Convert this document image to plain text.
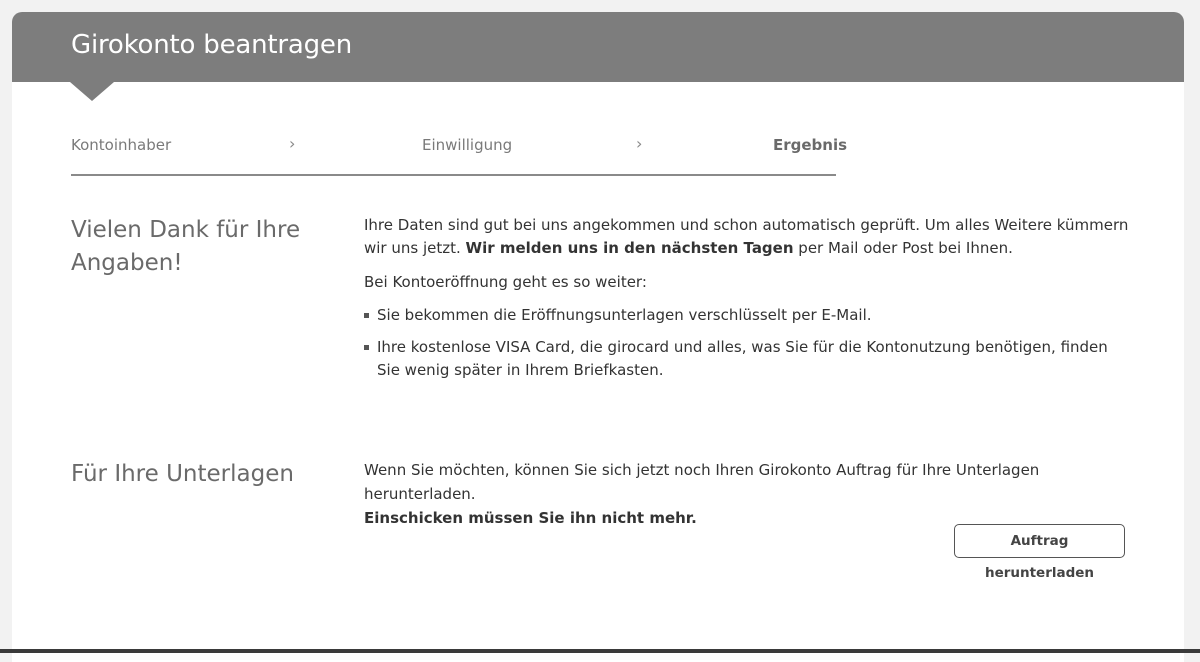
Girokonto beantragen
Kontoinhaber	›	Einwilligung	›	Ergebnis
Vielen Dank für Ihre Angaben!
Ihre Daten sind gut bei uns angekommen und schon automatisch geprüft. Um alles Weitere kümmern wir uns jetzt. Wir melden uns in den nächsten Tagen per Mail oder Post bei Ihnen.
Bei Kontoeröffnung geht es so weiter:
Sie bekommen die Eröffnungsunterlagen verschlüsselt per E-Mail.
Ihre kostenlose VISA Card, die girocard und alles, was Sie für die Kontonutzung benötigen, finden Sie wenig später in Ihrem Briefkasten.
Für Ihre Unterlagen	Wenn Sie möchten, können Sie sich jetzt noch Ihren Girokonto Auftrag für Ihre Unterlagen herunterladen.
Einschicken müssen Sie ihn nicht mehr.
Auftrag herunterladen
